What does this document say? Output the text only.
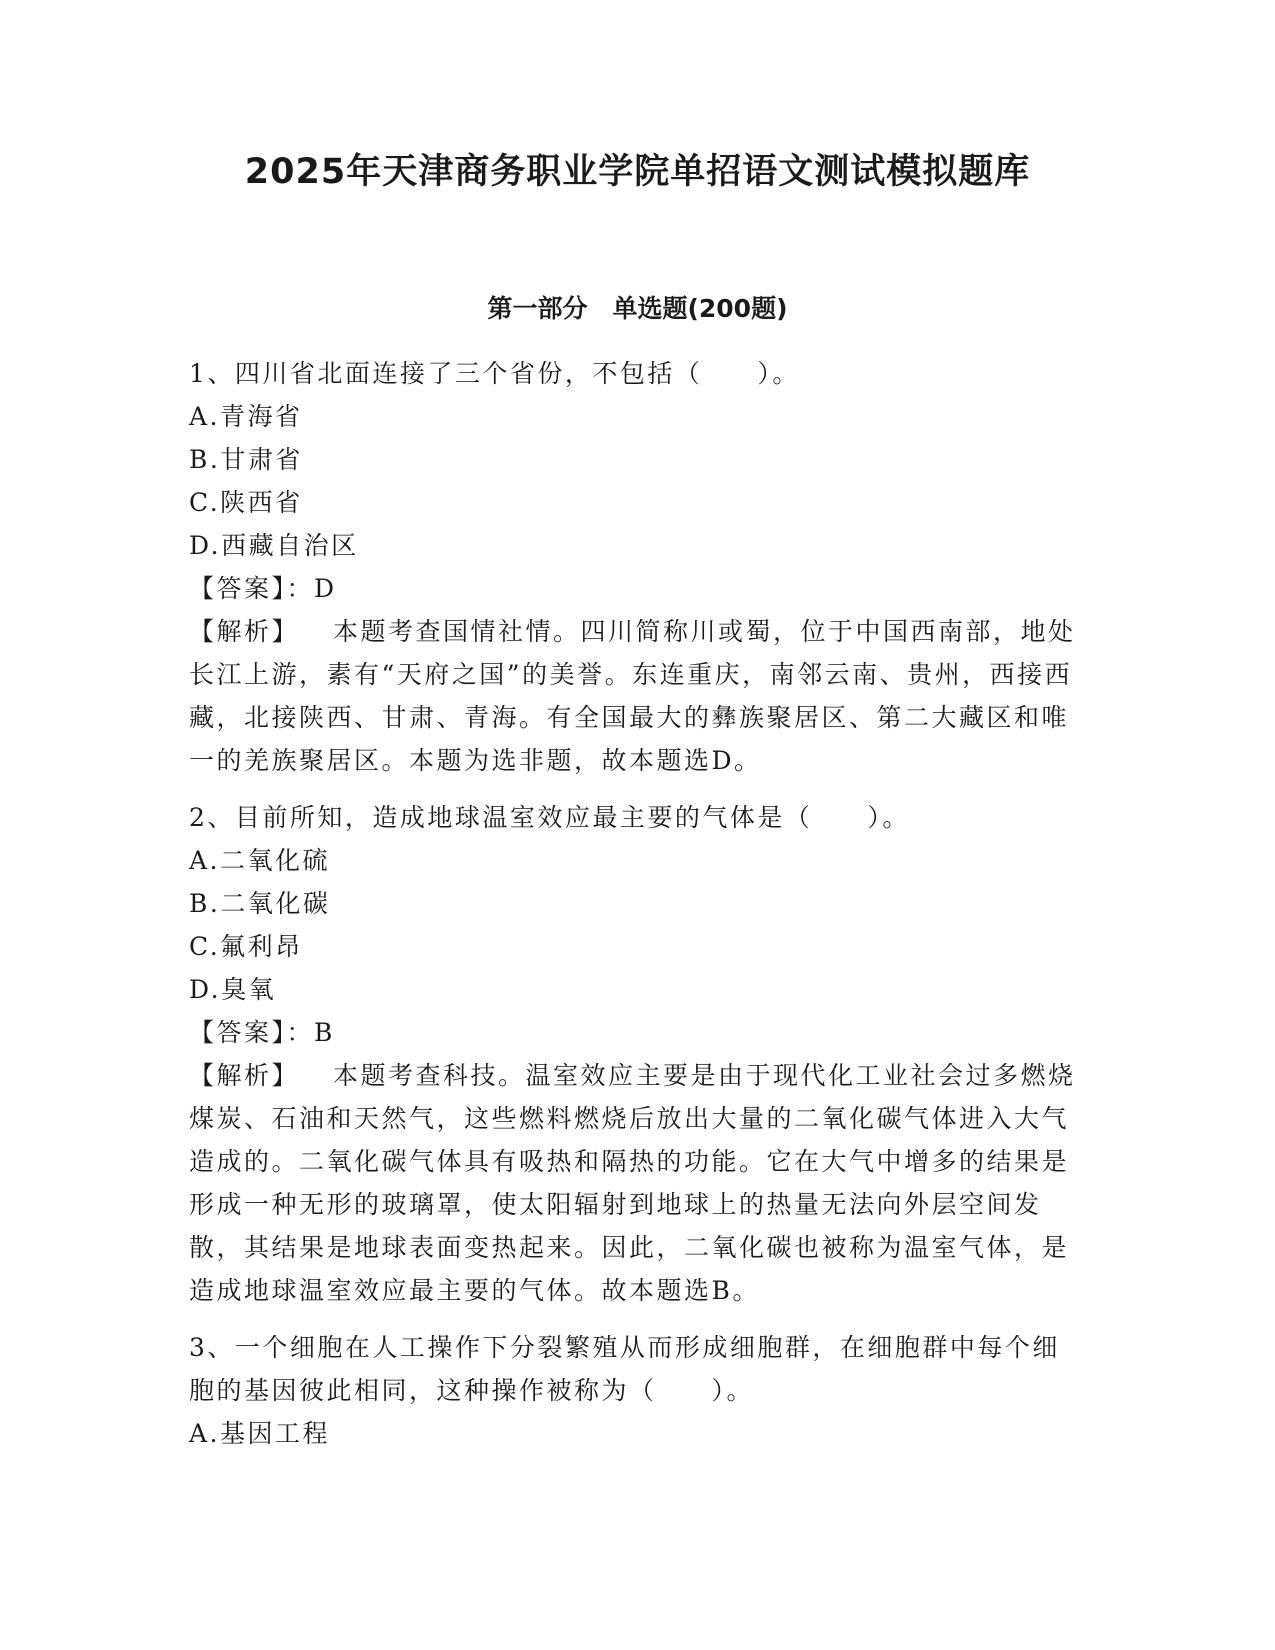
2025年天津商务职业学院单招语文测试模拟题库
第一部分　单选题(200题)

1、四川省北面连接了三个省份，不包括（　　）。

A.青海省

B.甘肃省

C.陕西省

D.西藏自治区

【答案】：D

【解析】 本题考查国情社情。四川简称川或蜀，位于中国西南部，地处长江上游，素有“天府之国”的美誉。东连重庆，南邻云南、贵州，西接西藏，北接陕西、甘肃、青海。有全国最大的彝族聚居区、第二大藏区和唯一的羌族聚居区。本题为选非题，故本题选D。

2、目前所知，造成地球温室效应最主要的气体是（　　）。

A.二氧化硫

B.二氧化碳

C.氟利昂

D.臭氧

【答案】：B

【解析】 本题考查科技。温室效应主要是由于现代化工业社会过多燃烧煤炭、石油和天然气，这些燃料燃烧后放出大量的二氧化碳气体进入大气造成的。二氧化碳气体具有吸热和隔热的功能。它在大气中增多的结果是形成一种无形的玻璃罩，使太阳辐射到地球上的热量无法向外层空间发散，其结果是地球表面变热起来。因此，二氧化碳也被称为温室气体，是造成地球温室效应最主要的气体。故本题选B。

3、一个细胞在人工操作下分裂繁殖从而形成细胞群，在细胞群中每个细胞的基因彼此相同，这种操作被称为（　　）。

A.基因工程
